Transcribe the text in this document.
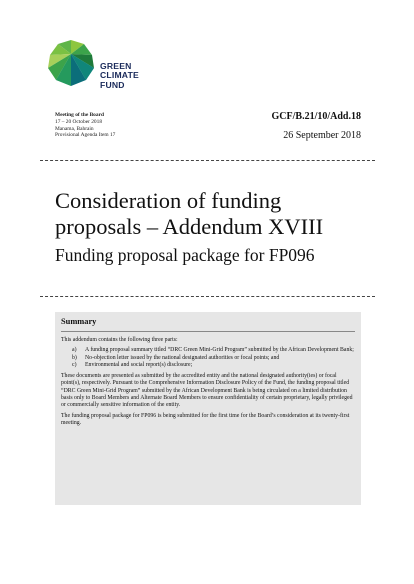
GREEN
CLIMATE
FUND
Meeting of the Board
17 – 20 October 2018
Manama, Bahrain
Provisional Agenda Item 17
GCF/B.21/10/Add.18
26 September 2018
Consideration of funding
proposals – Addendum XVIII
Funding proposal package for FP096
Summary

This addendum contains the following three parts:

a)	A funding proposal summary titled “DRC Green Mini-Grid Program” submitted by the African Development Bank;
b)	No-objection letter issued by the national designated authorities or focal points; and
c)	Environmental and social report(s) disclosure;

These documents are presented as submitted by the accredited entity and the national designated authority(ies) or focal point(s), respectively. Pursuant to the Comprehensive Information Disclosure Policy of the Fund, the funding proposal titled “DRC Green Mini-Grid Program” submitted by the African Development Bank is being circulated on a limited distribution basis only to Board Members and Alternate Board Members to ensure confidentiality of certain proprietary, legally privileged or commercially sensitive information of the entity.

The funding proposal package for FP096 is being submitted for the first time for the Board’s consideration at its twenty-first meeting.
